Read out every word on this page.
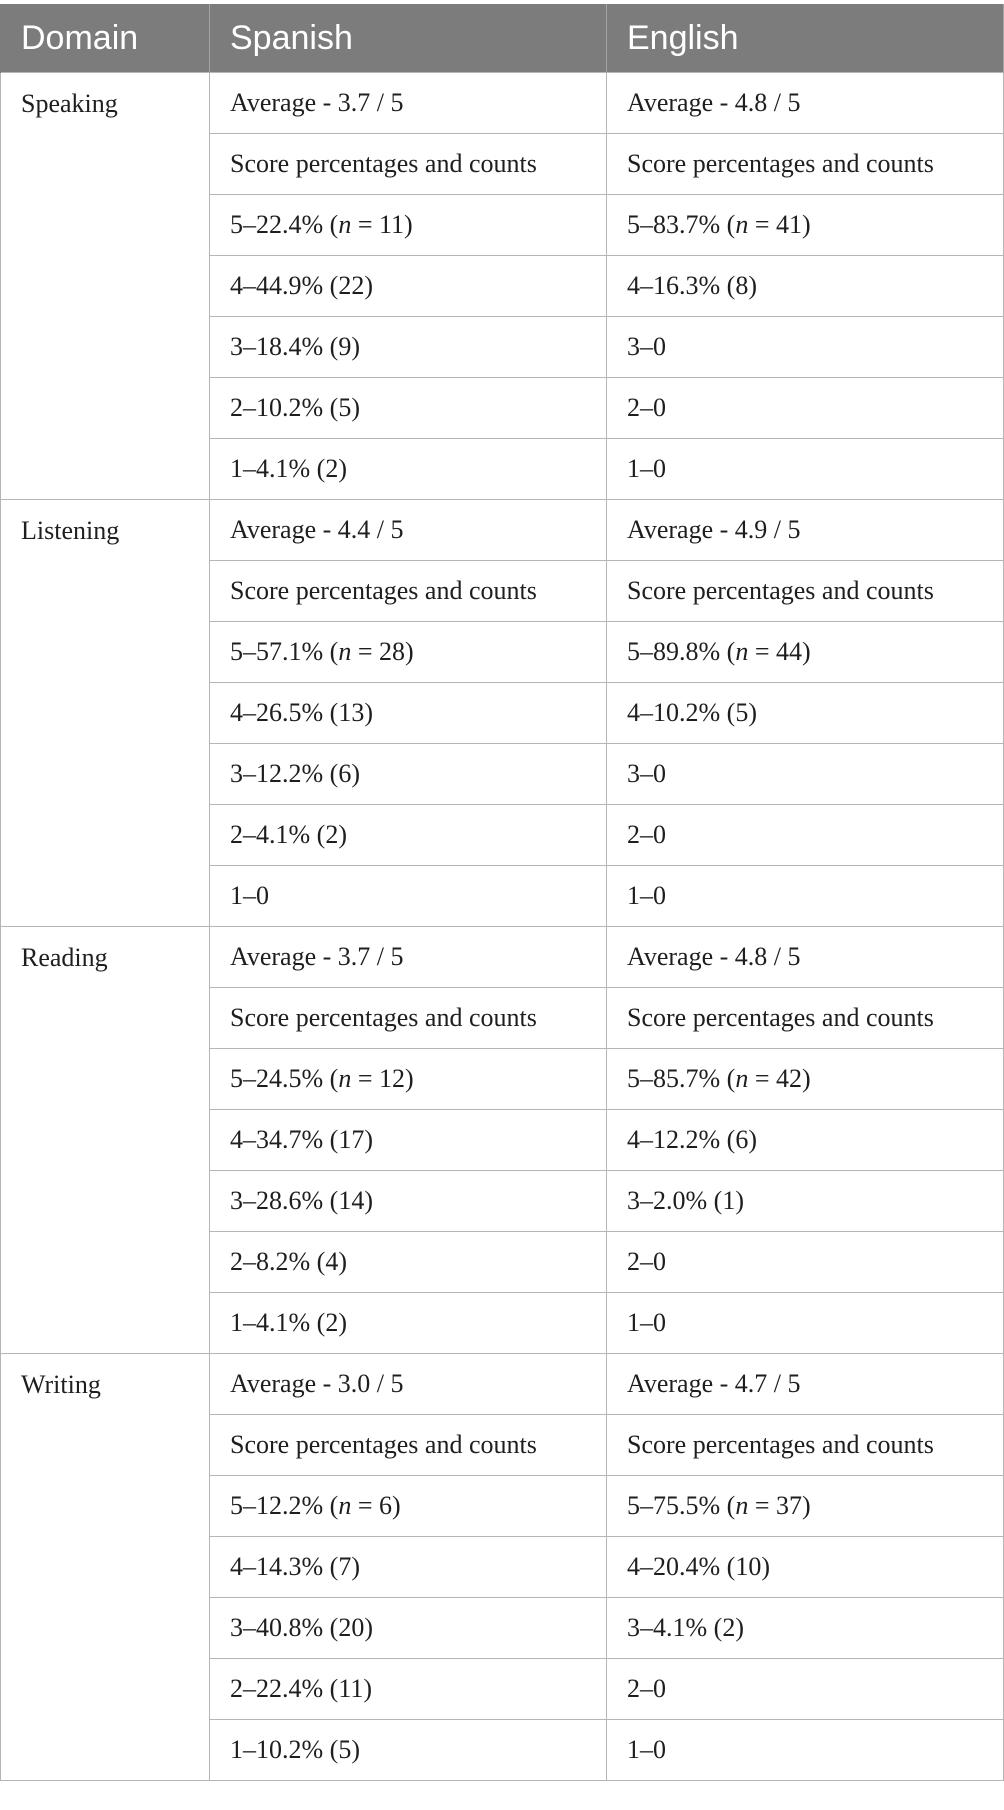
Domain	Spanish	English
Speaking	Average - 3.7 / 5	Average - 4.8 / 5
	Score percentages and counts	Score percentages and counts
	5–22.4% (n = 11)	5–83.7% (n = 41)
	4–44.9% (22)	4–16.3% (8)
	3–18.4% (9)	3–0
	2–10.2% (5)	2–0
	1–4.1% (2)	1–0
Listening	Average - 4.4 / 5	Average - 4.9 / 5
	Score percentages and counts	Score percentages and counts
	5–57.1% (n = 28)	5–89.8% (n = 44)
	4–26.5% (13)	4–10.2% (5)
	3–12.2% (6)	3–0
	2–4.1% (2)	2–0
	1–0	1–0
Reading	Average - 3.7 / 5	Average - 4.8 / 5
	Score percentages and counts	Score percentages and counts
	5–24.5% (n = 12)	5–85.7% (n = 42)
	4–34.7% (17)	4–12.2% (6)
	3–28.6% (14)	3–2.0% (1)
	2–8.2% (4)	2–0
	1–4.1% (2)	1–0
Writing	Average - 3.0 / 5	Average - 4.7 / 5
	Score percentages and counts	Score percentages and counts
	5–12.2% (n = 6)	5–75.5% (n = 37)
	4–14.3% (7)	4–20.4% (10)
	3–40.8% (20)	3–4.1% (2)
	2–22.4% (11)	2–0
	1–10.2% (5)	1–0
